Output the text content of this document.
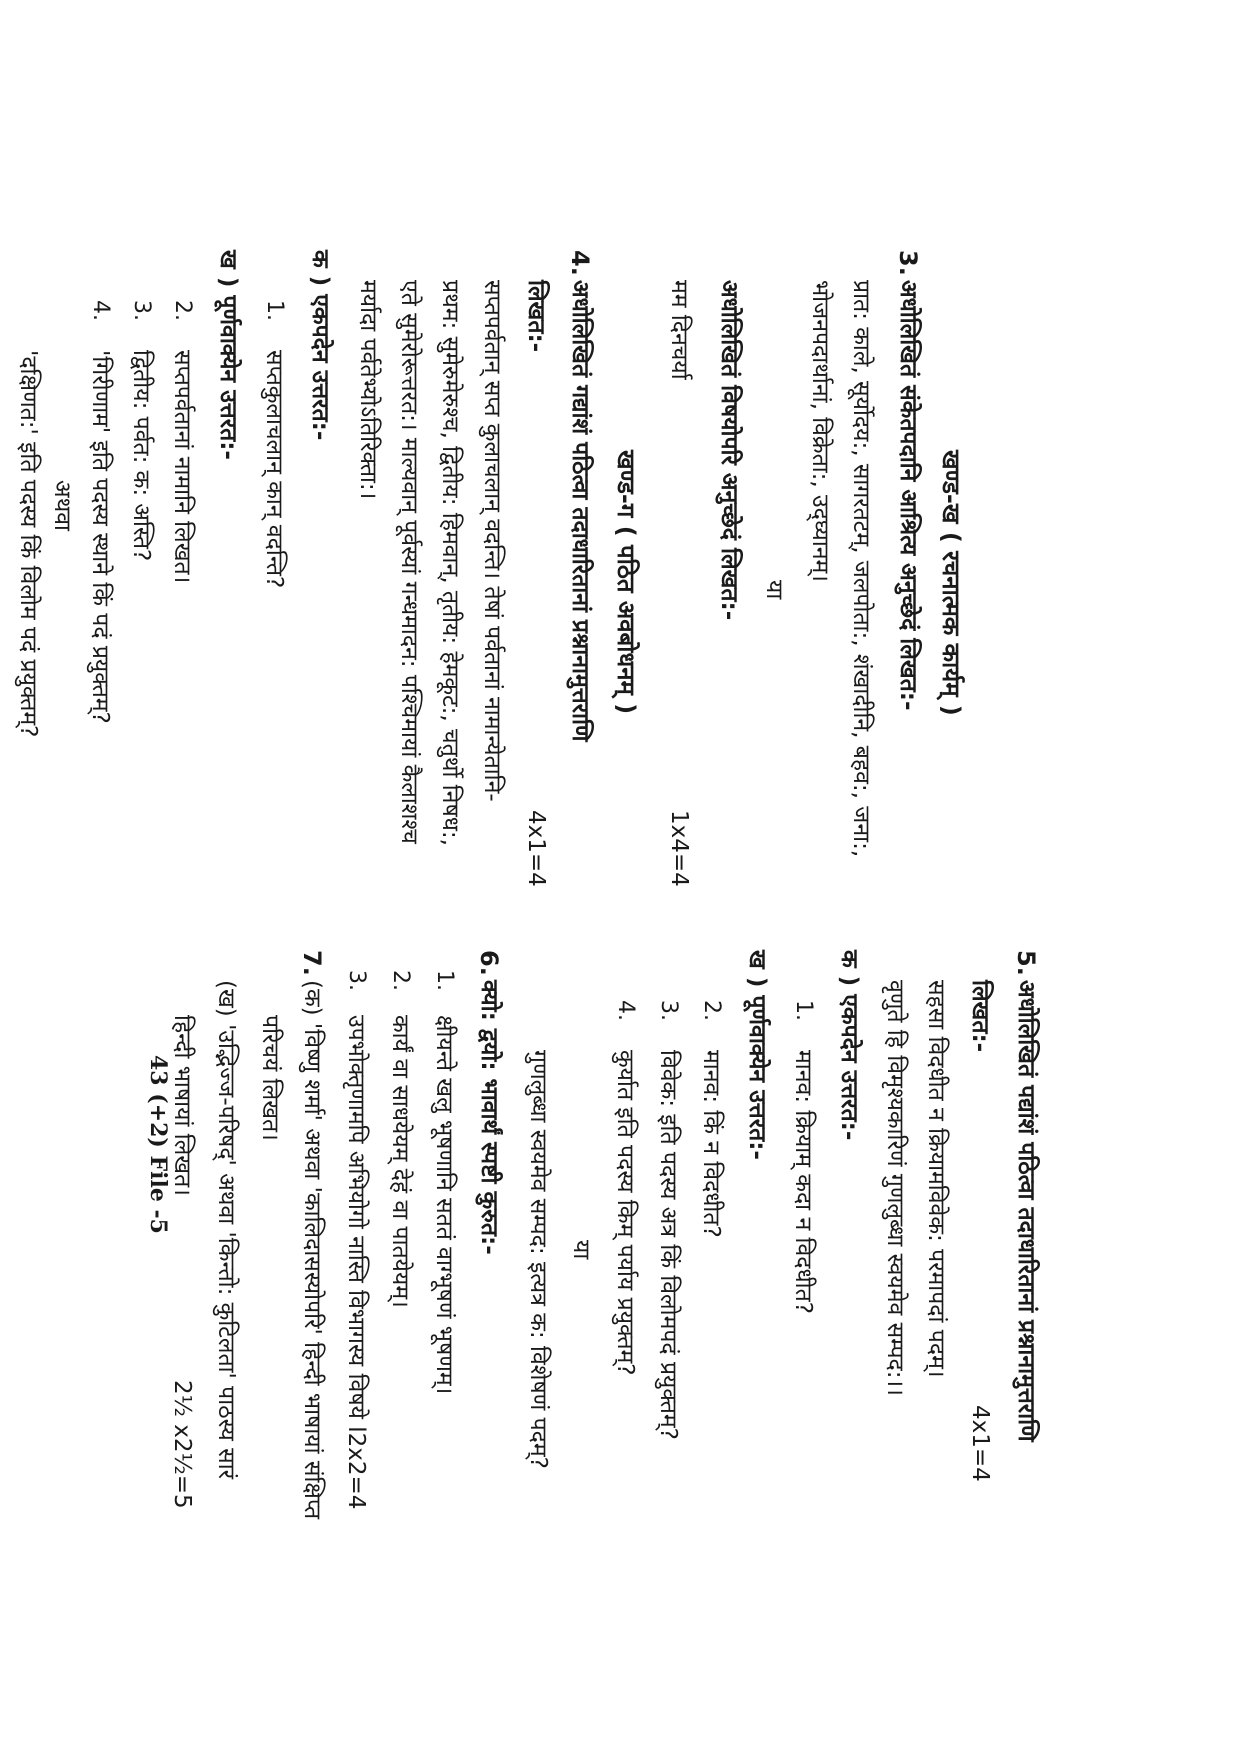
43 (+2) File -5
खण्ड-ख ( रचनात्मक कार्यम् )
3.
अधोलिखितं संकेतपदानि आश्रित्य अनुच्छेदं लिखत:-
प्रात: काले, सूर्योदय:, सागरतटम्, जलपोता:, शंखादीनि, बहव:, जना:,
भोजनपदार्थानां, विक्रेता:, उद्घ्यानम्।
या
अधोलिखितं विषयोपरि अनुच्छेदं लिखत:-
मम दिनचर्या
1x4=4
खण्ड-ग ( पठित अवबोधनम् )
4.
अधोलिखितं गद्यांशं पठित्वा तदाधारितानां प्रश्नानामुत्तराणि
लिखत:-
4x1=4
सप्तपर्वतान् सप्त कुलाचलान् वदन्ति। तेषां पर्वतानां नामान्येतानि-
प्रथम: सुमेरुमेरुश्च, द्वितीय: हिमवान्, तृतीय: हेमकूट:, चतुर्थो निषध:,
एते सुमेरोरूत्तरत:। माल्यवान् पूर्वस्यां गन्धमादन: पश्चिमायां कैलाशश्च
मर्यादा पर्वतेभ्योऽतिरिक्ता:।
क ) एकपदेन उत्तरत:-
1.
सप्तकुलाचलान् कान् वदन्ति?
ख ) पूर्णवाक्येन उत्तरत:-
2.
सप्तपर्वतानां नामानि लिखत।
3.
द्वितीय: पर्वत: क: अस्ति?
4.
'गिरीणाम' इति पदस्य स्थाने किं पदं प्रयुक्तम्?
अथवा
'दक्षिणत:' इति पदस्य किं विलोम पदं प्रयुक्तम्?
5.
अधोलिखितं पद्यांशं पठित्वा तदाधारितानां प्रश्नानामुत्तराणि
लिखत:-
4x1=4
सहसा विदधीत न क्रियामविवेक: परमापदां पदम्।
वृणुते हि विमृश्यकारिणं गुणलुब्धा स्वयमेव सम्पद:।।
क ) एकपदेन उत्तरत:-
1.
मानव: क्रियाम् कदा न विदधीत?
ख ) पूर्णवाक्येन उत्तरत:-
2.
मानव: किं न विदधीत?
3.
विवेक: इति पदस्य अत्र किं विलोमपदं प्रयुक्तम्?
4.
कुर्यात इति पदस्य किम् पर्याय प्रयुक्तम्?
या
गुणलुब्धा स्वयमेव सम्पद: इत्यत्र क: विशेषणं पदम्?
6.
क्यो: द्वयो: भावार्थं स्पष्टी कुरुत:-
1.
क्षीयन्ते खलु भूषणानि सततं वाग्भूषणं भूषणम्।
2.
कार्यं वा साधयेयम् देहं वा पातयेयम्।
3.
उपभोक्तृणामपि अभियोगो नास्ति विभागस्य विषये l2x2=4
7.
(क) 'विष्णु शर्मा' अथवा 'कालिदासस्योपरि' हिन्दी भाषायां संक्षिप्त
परिचयं लिखत।
(ख) 'उद्भिज्ज-परिषद्' अथवा 'किन्तो: कुटिलता' पाठस्य सारं
हिन्दी भाषायां लिखत।
2½ x2½=5
